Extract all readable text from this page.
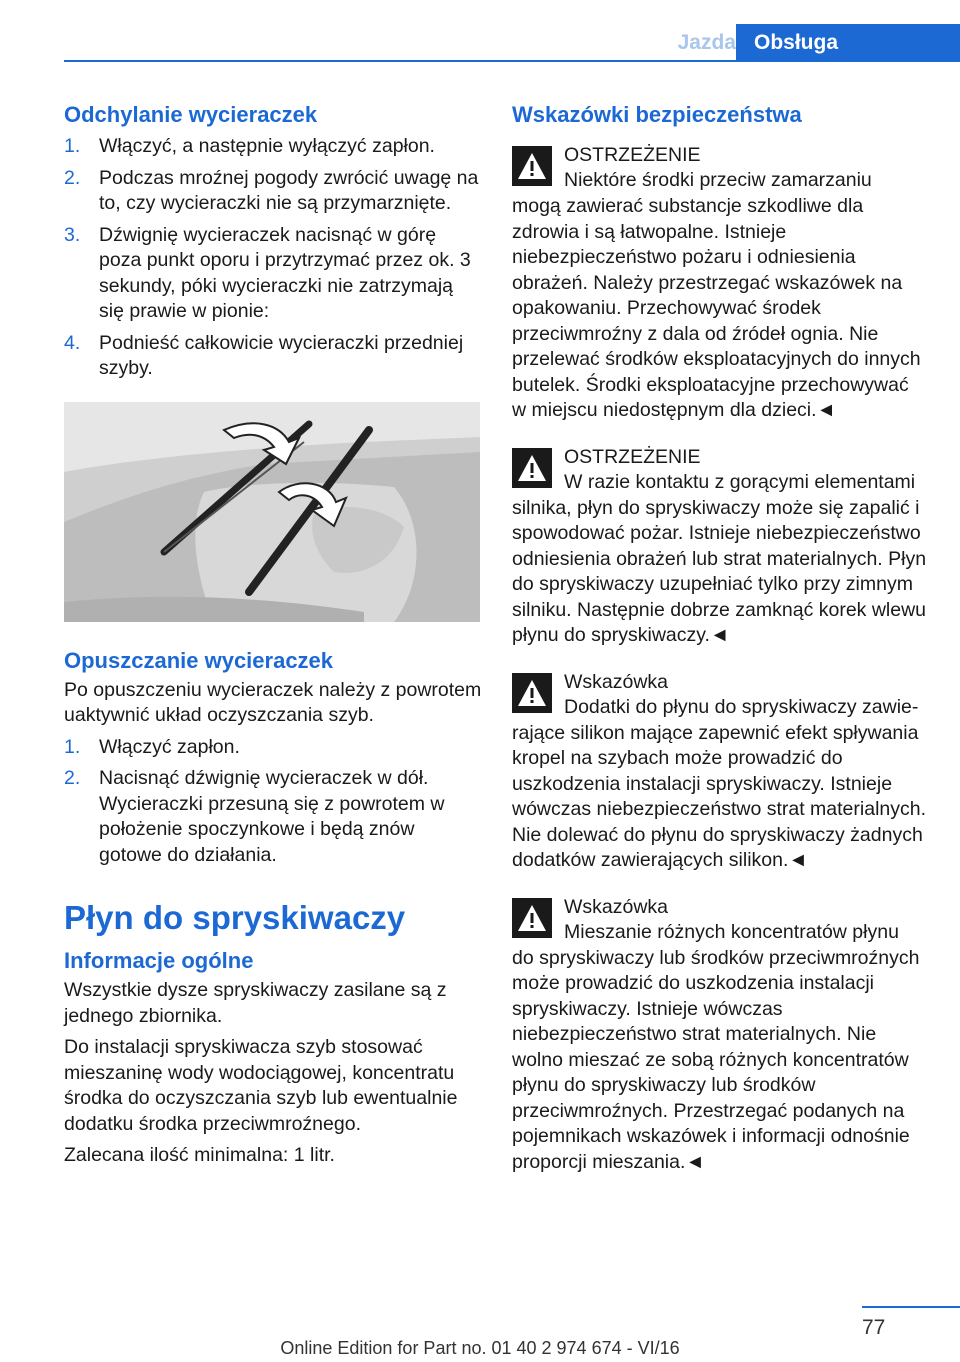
Jazda Obsługa
Odchylanie wycieraczek
1. Włączyć, a następnie wyłączyć zapłon.
2. Podczas mroźnej pogody zwrócić uwagę na to, czy wycieraczki nie są przymarznięte.
3. Dźwignię wycieraczek nacisnąć w górę poza punkt oporu i przytrzymać przez ok. 3 sekundy, póki wycieraczki nie zatrzymają się prawie w pionie:
4. Podnieść całkowicie wycieraczki przedniej szyby.
Opuszczanie wycieraczek

Po opuszczeniu wycieraczek należy z powrotem uaktywnić układ oczyszczania szyb.

1. Włączyć zapłon.
2. Nacisnąć dźwignię wycieraczek w dół. Wycieraczki przesuną się z powrotem w położenie spoczynkowe i będą znów gotowe do działania.
Płyn do spryskiwaczy
Informacje ogólne

Wszystkie dysze spryskiwaczy zasilane są z jednego zbiornika.

Do instalacji spryskiwacza szyb stosować mieszaninę wody wodociągowej, koncentratu środka do oczyszczania szyb lub ewentualnie dodatku środka przeciwmroźnego.

Zalecana ilość minimalna: 1 litr.

Wskazówki bezpieczeństwa
OSTRZEŻENIE
Niektóre środki przeciw zamarzaniu
mogą zawierać substancje szkodliwe dla zdrowia i są łatwopalne. Istnieje niebezpieczeństwo pożaru i odniesienia obrażeń. Należy przestrzegać wskazówek na opakowaniu. Przechowywać środek przeciwmroźny z dala od źródeł ognia. Nie przelewać środków eksploatacyjnych do innych butelek. Środki eksploatacyjne przechowywać w miejscu niedostępnym dla dzieci.◄
OSTRZEŻENIE
W razie kontaktu z gorącymi elementami
silnika, płyn do spryskiwaczy może się zapalić i spowodować pożar. Istnieje niebezpieczeństwo odniesienia obrażeń lub strat materialnych. Płyn do spryskiwaczy uzupełniać tylko przy zimnym silniku. Następnie dobrze zamknąć korek wlewu płynu do spryskiwaczy.◄
Wskazówka
Dodatki do płynu do spryskiwaczy zawie‐
rające silikon mające zapewnić efekt spływania kropel na szybach może prowadzić do uszkodzenia instalacji spryskiwaczy. Istnieje wówczas niebezpieczeństwo strat materialnych. Nie dolewać do płynu do spryskiwaczy żadnych dodatków zawierających silikon.◄
Wskazówka
Mieszanie różnych koncentratów płynu
do spryskiwaczy lub środków przeciwmroźnych może prowadzić do uszkodzenia instalacji spryskiwaczy. Istnieje wówczas niebezpieczeństwo strat materialnych. Nie wolno mieszać ze sobą różnych koncentratów płynu do spryskiwaczy lub środków przeciwmroźnych. Przestrzegać podanych na pojemnikach wskazówek i informacji odnośnie proporcji mieszania.◄
77
Online Edition for Part no. 01 40 2 974 674 - VI/16
